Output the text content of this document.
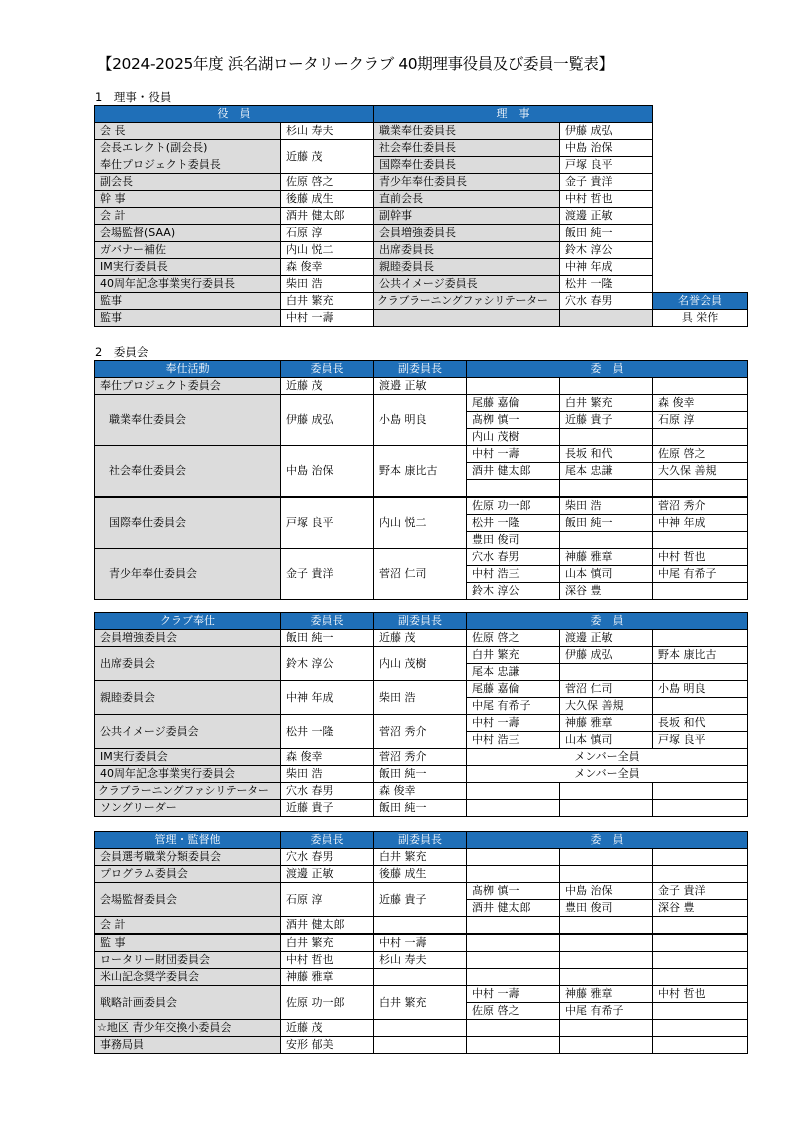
【2024-2025年度 浜名湖ロータリークラブ 40期理事役員及び委員一覧表】
1　理事・役員
役　員		理　事		
会 長	杉山 寿夫	職業奉仕委員長	伊藤 成弘	
会長エレクト(副会長)	近藤 茂	社会奉仕委員長	中島 治保	
奉仕プロジェクト委員長		国際奉仕委員長	戸塚 良平	
副会長	佐原 啓之	青少年奉仕委員長	金子 貴洋	
幹 事	後藤 成生	直前会長	中村 哲也	
会 計	酒井 健太郎	副幹事	渡邊 正敏	
会場監督(SAA)	石原 淳	会員増強委員長	飯田 純一	
ガバナー補佐	内山 悦二	出席委員長	鈴木 淳公	
IM実行委員長	森 俊幸	親睦委員長	中神 年成	
40周年記念事業実行委員長	柴田 浩	公共イメージ委員長	松井 一隆	
監事	白井 繁充	クラブラーニングファシリテーター	穴水 春男	名誉会員
監事	中村 一壽			具 栄作
2　委員会
奉仕活動	委員長	副委員長	委　員		
奉仕プロジェクト委員会	近藤 茂	渡邉 正敏			
職業奉仕委員会	伊藤 成弘	小島 明良	尾藤 嘉倫	白井 繁充	森 俊幸
			髙栁 慎一	近藤 貴子	石原 淳
			内山 茂樹		
社会奉仕委員会	中島 治保	野本 康比古	中村 一壽	長坂 和代	佐原 啓之
			酒井 健太郎	尾本 忠謙	大久保 善規

国際奉仕委員会	戸塚 良平	内山 悦二	佐原 功一郎	柴田 浩	菅沼 秀介
			松井 一隆	飯田 純一	中神 年成
			豊田 俊司		
青少年奉仕委員会	金子 貴洋	菅沼 仁司	穴水 春男	神藤 雅章	中村 哲也
			中村 浩三	山本 慎司	中尾 有希子
			鈴木 淳公	深谷 豊	
クラブ奉仕	委員長	副委員長	委　員		
会員増強委員会	飯田 純一	近藤 茂	佐原 啓之	渡邊 正敏	
出席委員会	鈴木 淳公	内山 茂樹	白井 繁充	伊藤 成弘	野本 康比古
			尾本 忠謙		
親睦委員会	中神 年成	柴田 浩	尾藤 嘉倫	菅沼 仁司	小島 明良
			中尾 有希子	大久保 善規	
公共イメージ委員会	松井 一隆	菅沼 秀介	中村 一壽	神藤 雅章	長坂 和代
			中村 浩三	山本 慎司	戸塚 良平
IM実行委員会	森 俊幸	菅沼 秀介	メンバー全員		
40周年記念事業実行委員会	柴田 浩	飯田 純一	メンバー全員		
クラブラーニングファシリテーター	穴水 春男	森 俊幸			
ソングリーダー	近藤 貴子	飯田 純一			
管理・監督他	委員長	副委員長	委　員		
会員選考職業分類委員会	穴水 春男	白井 繁充			
プログラム委員会	渡邊 正敏	後藤 成生			
会場監督委員会	石原 淳	近藤 貴子	髙栁 慎一	中島 治保	金子 貴洋
			酒井 健太郎	豊田 俊司	深谷 豊
会 計	酒井 健太郎				
監 事	白井 繁充	中村 一壽			
ロータリー財団委員会	中村 哲也	杉山 寿夫			
米山記念奨学委員会	神藤 雅章				
戦略計画委員会	佐原 功一郎	白井 繁充	中村 一壽	神藤 雅章	中村 哲也
			佐原 啓之	中尾 有希子	
☆地区 青少年交換小委員会	近藤 茂				
事務局員	安形 郁美				
